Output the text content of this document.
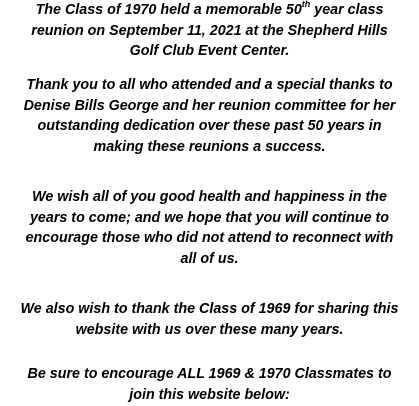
The Class of 1970 held a memorable 50th year class
reunion on September 11, 2021 at the Shepherd Hills
Golf Club Event Center.

Thank you to all who attended and a special thanks to
Denise Bills George and her reunion committee for her
outstanding dedication over these past 50 years in
making these reunions a success.

We wish all of you good health and happiness in the
years to come; and we hope that you will continue to
encourage those who did not attend to reconnect with
all of us.

We also wish to thank the Class of 1969 for sharing this
website with us over these many years.

Be sure to encourage ALL 1969 & 1970 Classmates to
join this website below:
